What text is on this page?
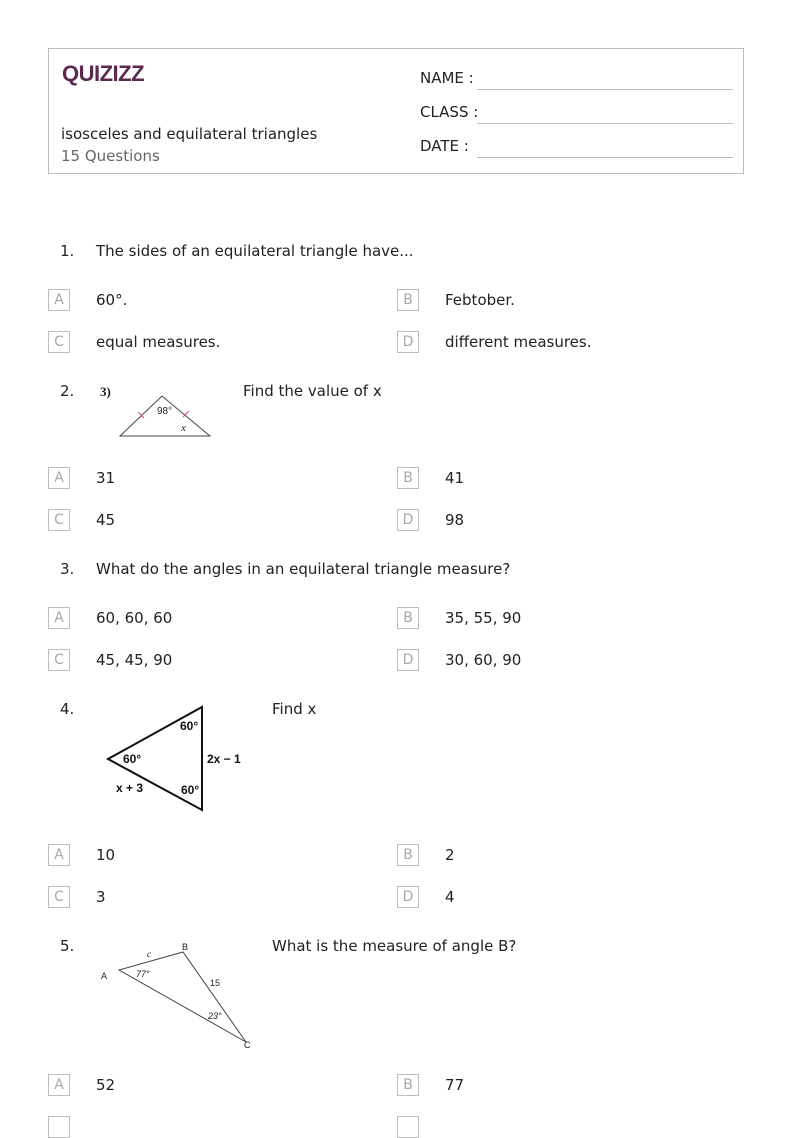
QUIZIZZ
isosceles and equilateral triangles
15 Questions
NAME :
CLASS :
DATE :
1. The sides of an equilateral triangle have...
A	60°.	B	Febtober.
C	equal measures.	D	different measures.
2. 3)
98°
x
Find the value of x
A	31	B	41
C	45	D	98
3. What do the angles in an equilateral triangle measure?
A	60, 60, 60	B	35, 55, 90
C	45, 45, 90	D	30, 60, 90
4.
60°
60°
60°
2x − 1
x + 3
Find x
A	10	B	2
C	3	D	4
5.
A
B
C
c
15
77°
23°
What is the measure of angle B?
A	52	B	77
